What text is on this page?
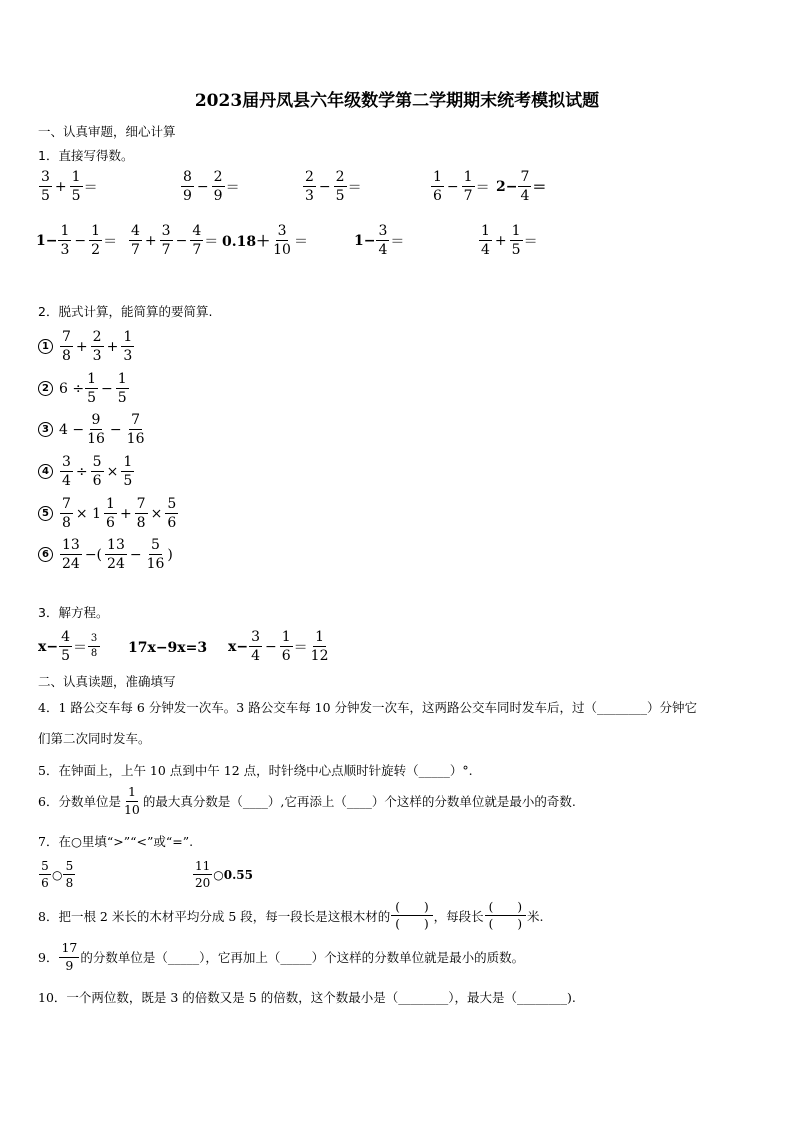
2023届丹凤县六年级数学第二学期期末统考模拟试题
一、认真审题，细心计算
1．直接写得数。
$\frac{3}{5} + \frac{1}{5}$ ＝	$\frac{8}{9} - \frac{2}{9}$ ＝	$\frac{2}{3} - \frac{2}{5}$ ＝	$\frac{1}{6} - \frac{1}{7} = 2- \frac{7}{4}$ ＝
$1- \frac{1}{3} - \frac{1}{2} = \frac{4}{7} + \frac{3}{7} - \frac{4}{7} = 0.18+ \frac{3}{10}$ ＝	$1- \frac{3}{4}$ ＝	$\frac{1}{4} + \frac{1}{5}$ ＝
2．脱式计算，能简算的要简算.
$1 \frac{7}{8} + \frac{2}{3} + \frac{1}{3}$
2 $6 \div \frac{1}{5} - \frac{1}{5}$
3 $4 - \frac{9}{16} - \frac{7}{16}$
$4 \frac{3}{4} \div \frac{5}{6} \times \frac{1}{5}$
$5 \frac{7}{8} \times 1 \frac{1}{6} + \frac{7}{8} \times \frac{5}{6}$
$6 \frac{13}{24}$ −( $\frac{13}{24} - \frac{5}{16}$ )
3．解方程。
$x- \frac{4}{5} = \frac{3}{8} 17x-9x=3$ $x- \frac{3}{4} - \frac{1}{6} = \frac{1}{12}$
二、认真读题，准确填写
4．1 路公交车每 6 分钟发一次车。3 路公交车每 10 分钟发一次车，这两路公交车同时发车后，过（________）分钟它
们第二次同时发车。
5．在钟面上，上午 10 点到中午 12 点，时针绕中心点顺时针旋转（_____）°.
6．分数单位是 $\frac{1}{10}$ 的最大真分数是（____）,它再添上（____）个这样的分数单位就是最小的奇数.
7．在○里填“>”“<”或“=”.
$\frac{5}{6}$ ○ $\frac{5}{8}$	$\frac{11}{20}$ ○0.55
8．把一根 2 米长的木材平均分成 5 段，每一段长是这根木材的 $\frac{( )}{( )}$ ，每段长 $\frac{( )}{( )}$ 米.
9． $\frac{17}{9}$ 的分数单位是（_____），它再加上（_____）个这样的分数单位就是最小的质数。
10．一个两位数，既是 3 的倍数又是 5 的倍数，这个数最小是（________），最大是（________).
